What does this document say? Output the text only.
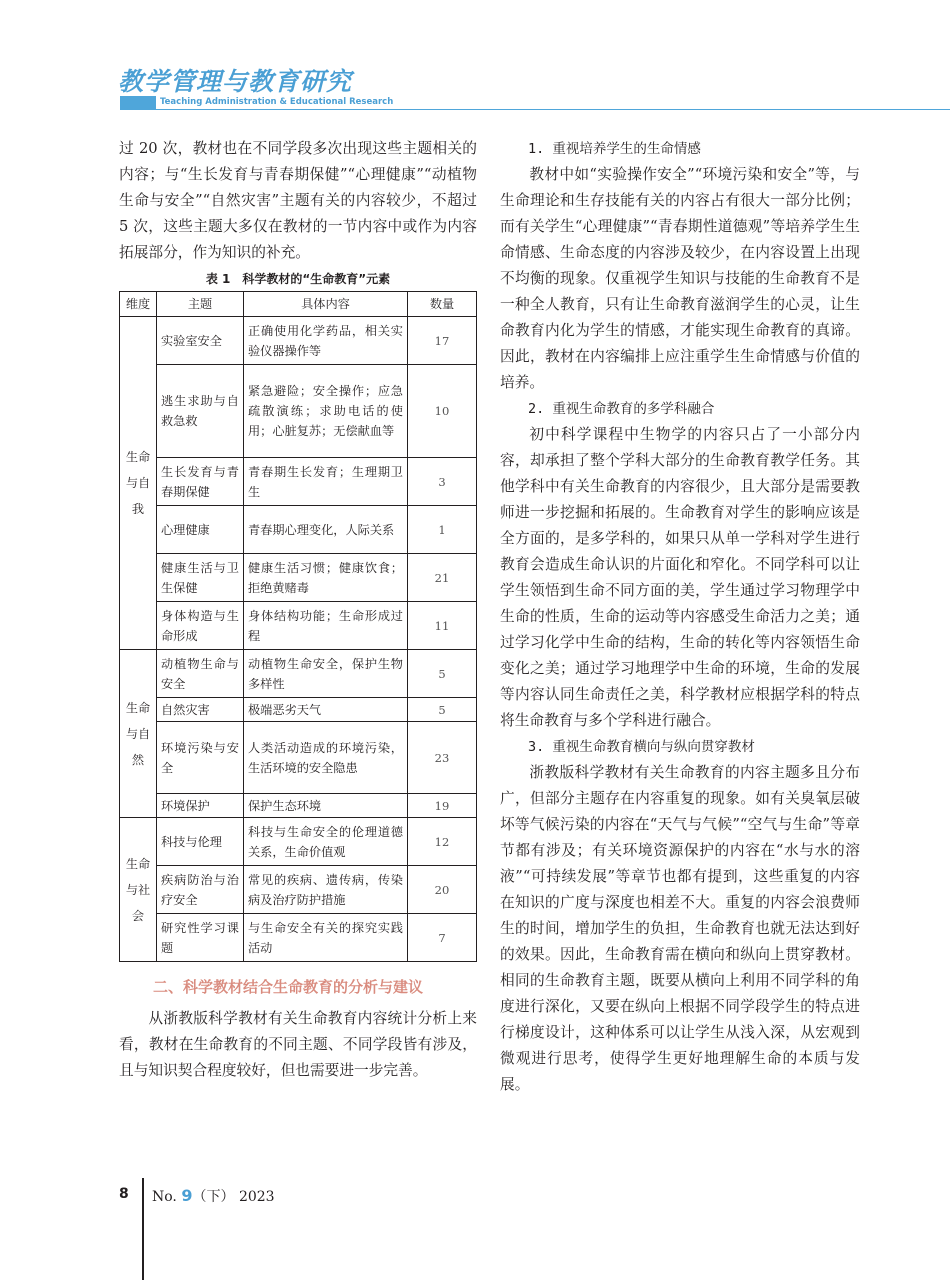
教学管理与教育研究
Teaching Administration & Educational Research

过 20 次，教材也在不同学段多次出现这些主题相关的内容；与“生长发育与青春期保健”“心理健康”“动植物生命与安全”“自然灾害”主题有关的内容较少，不超过 5 次，这些主题大多仅在教材的一节内容中或作为内容拓展部分，作为知识的补充。

表 1　科学教材的“生命教育”元素
维度	主题	具体内容	数量
生命与自我	实验室安全	正确使用化学药品，相关实验仪器操作等	17
	逃生求助与自救急救	紧急避险；安全操作；应急疏散演练；求助电话的使用；心脏复苏；无偿献血等	10
	生长发育与青春期保健	青春期生长发育；生理期卫生	3
	心理健康	青春期心理变化，人际关系	1
	健康生活与卫生保健	健康生活习惯；健康饮食；拒绝黄赌毒	21
	身体构造与生命形成	身体结构功能；生命形成过程	11
生命与自然	动植物生命与安全	动植物生命安全，保护生物多样性	5
	自然灾害	极端恶劣天气	5
	环境污染与安全	人类活动造成的环境污染，生活环境的安全隐患	23
	环境保护	保护生态环境	19
生命与社会	科技与伦理	科技与生命安全的伦理道德关系，生命价值观	12
	疾病防治与治疗安全	常见的疾病、遗传病，传染病及治疗防护措施	20
	研究性学习课题	与生命安全有关的探究实践活动	7
二、科学教材结合生命教育的分析与建议

从浙教版科学教材有关生命教育内容统计分析上来看，教材在生命教育的不同主题、不同学段皆有涉及，且与知识契合程度较好，但也需要进一步完善。

1. 重视培养学生的生命情感

教材中如“实验操作安全”“环境污染和安全”等，与生命理论和生存技能有关的内容占有很大一部分比例；而有关学生“心理健康”“青春期性道德观”等培养学生生命情感、生命态度的内容涉及较少，在内容设置上出现不均衡的现象。仅重视学生知识与技能的生命教育不是一种全人教育，只有让生命教育滋润学生的心灵，让生命教育内化为学生的情感，才能实现生命教育的真谛。因此，教材在内容编排上应注重学生生命情感与价值的培养。

2. 重视生命教育的多学科融合

初中科学课程中生物学的内容只占了一小部分内容，却承担了整个学科大部分的生命教育教学任务。其他学科中有关生命教育的内容很少，且大部分是需要教师进一步挖掘和拓展的。生命教育对学生的影响应该是全方面的，是多学科的，如果只从单一学科对学生进行教育会造成生命认识的片面化和窄化。不同学科可以让学生领悟到生命不同方面的美，学生通过学习物理学中生命的性质，生命的运动等内容感受生命活力之美；通过学习化学中生命的结构，生命的转化等内容领悟生命变化之美；通过学习地理学中生命的环境，生命的发展等内容认同生命责任之美，科学教材应根据学科的特点将生命教育与多个学科进行融合。

3. 重视生命教育横向与纵向贯穿教材

浙教版科学教材有关生命教育的内容主题多且分布广，但部分主题存在内容重复的现象。如有关臭氧层破坏等气候污染的内容在“天气与气候”“空气与生命”等章节都有涉及；有关环境资源保护的内容在“水与水的溶液”“可持续发展”等章节也都有提到，这些重复的内容在知识的广度与深度也相差不大。重复的内容会浪费师生的时间，增加学生的负担，生命教育也就无法达到好的效果。因此，生命教育需在横向和纵向上贯穿教材。相同的生命教育主题，既要从横向上利用不同学科的角度进行深化，又要在纵向上根据不同学段学生的特点进行梯度设计，这种体系可以让学生从浅入深，从宏观到微观进行思考，使得学生更好地理解生命的本质与发展。

8 No. 9（下） 2023
